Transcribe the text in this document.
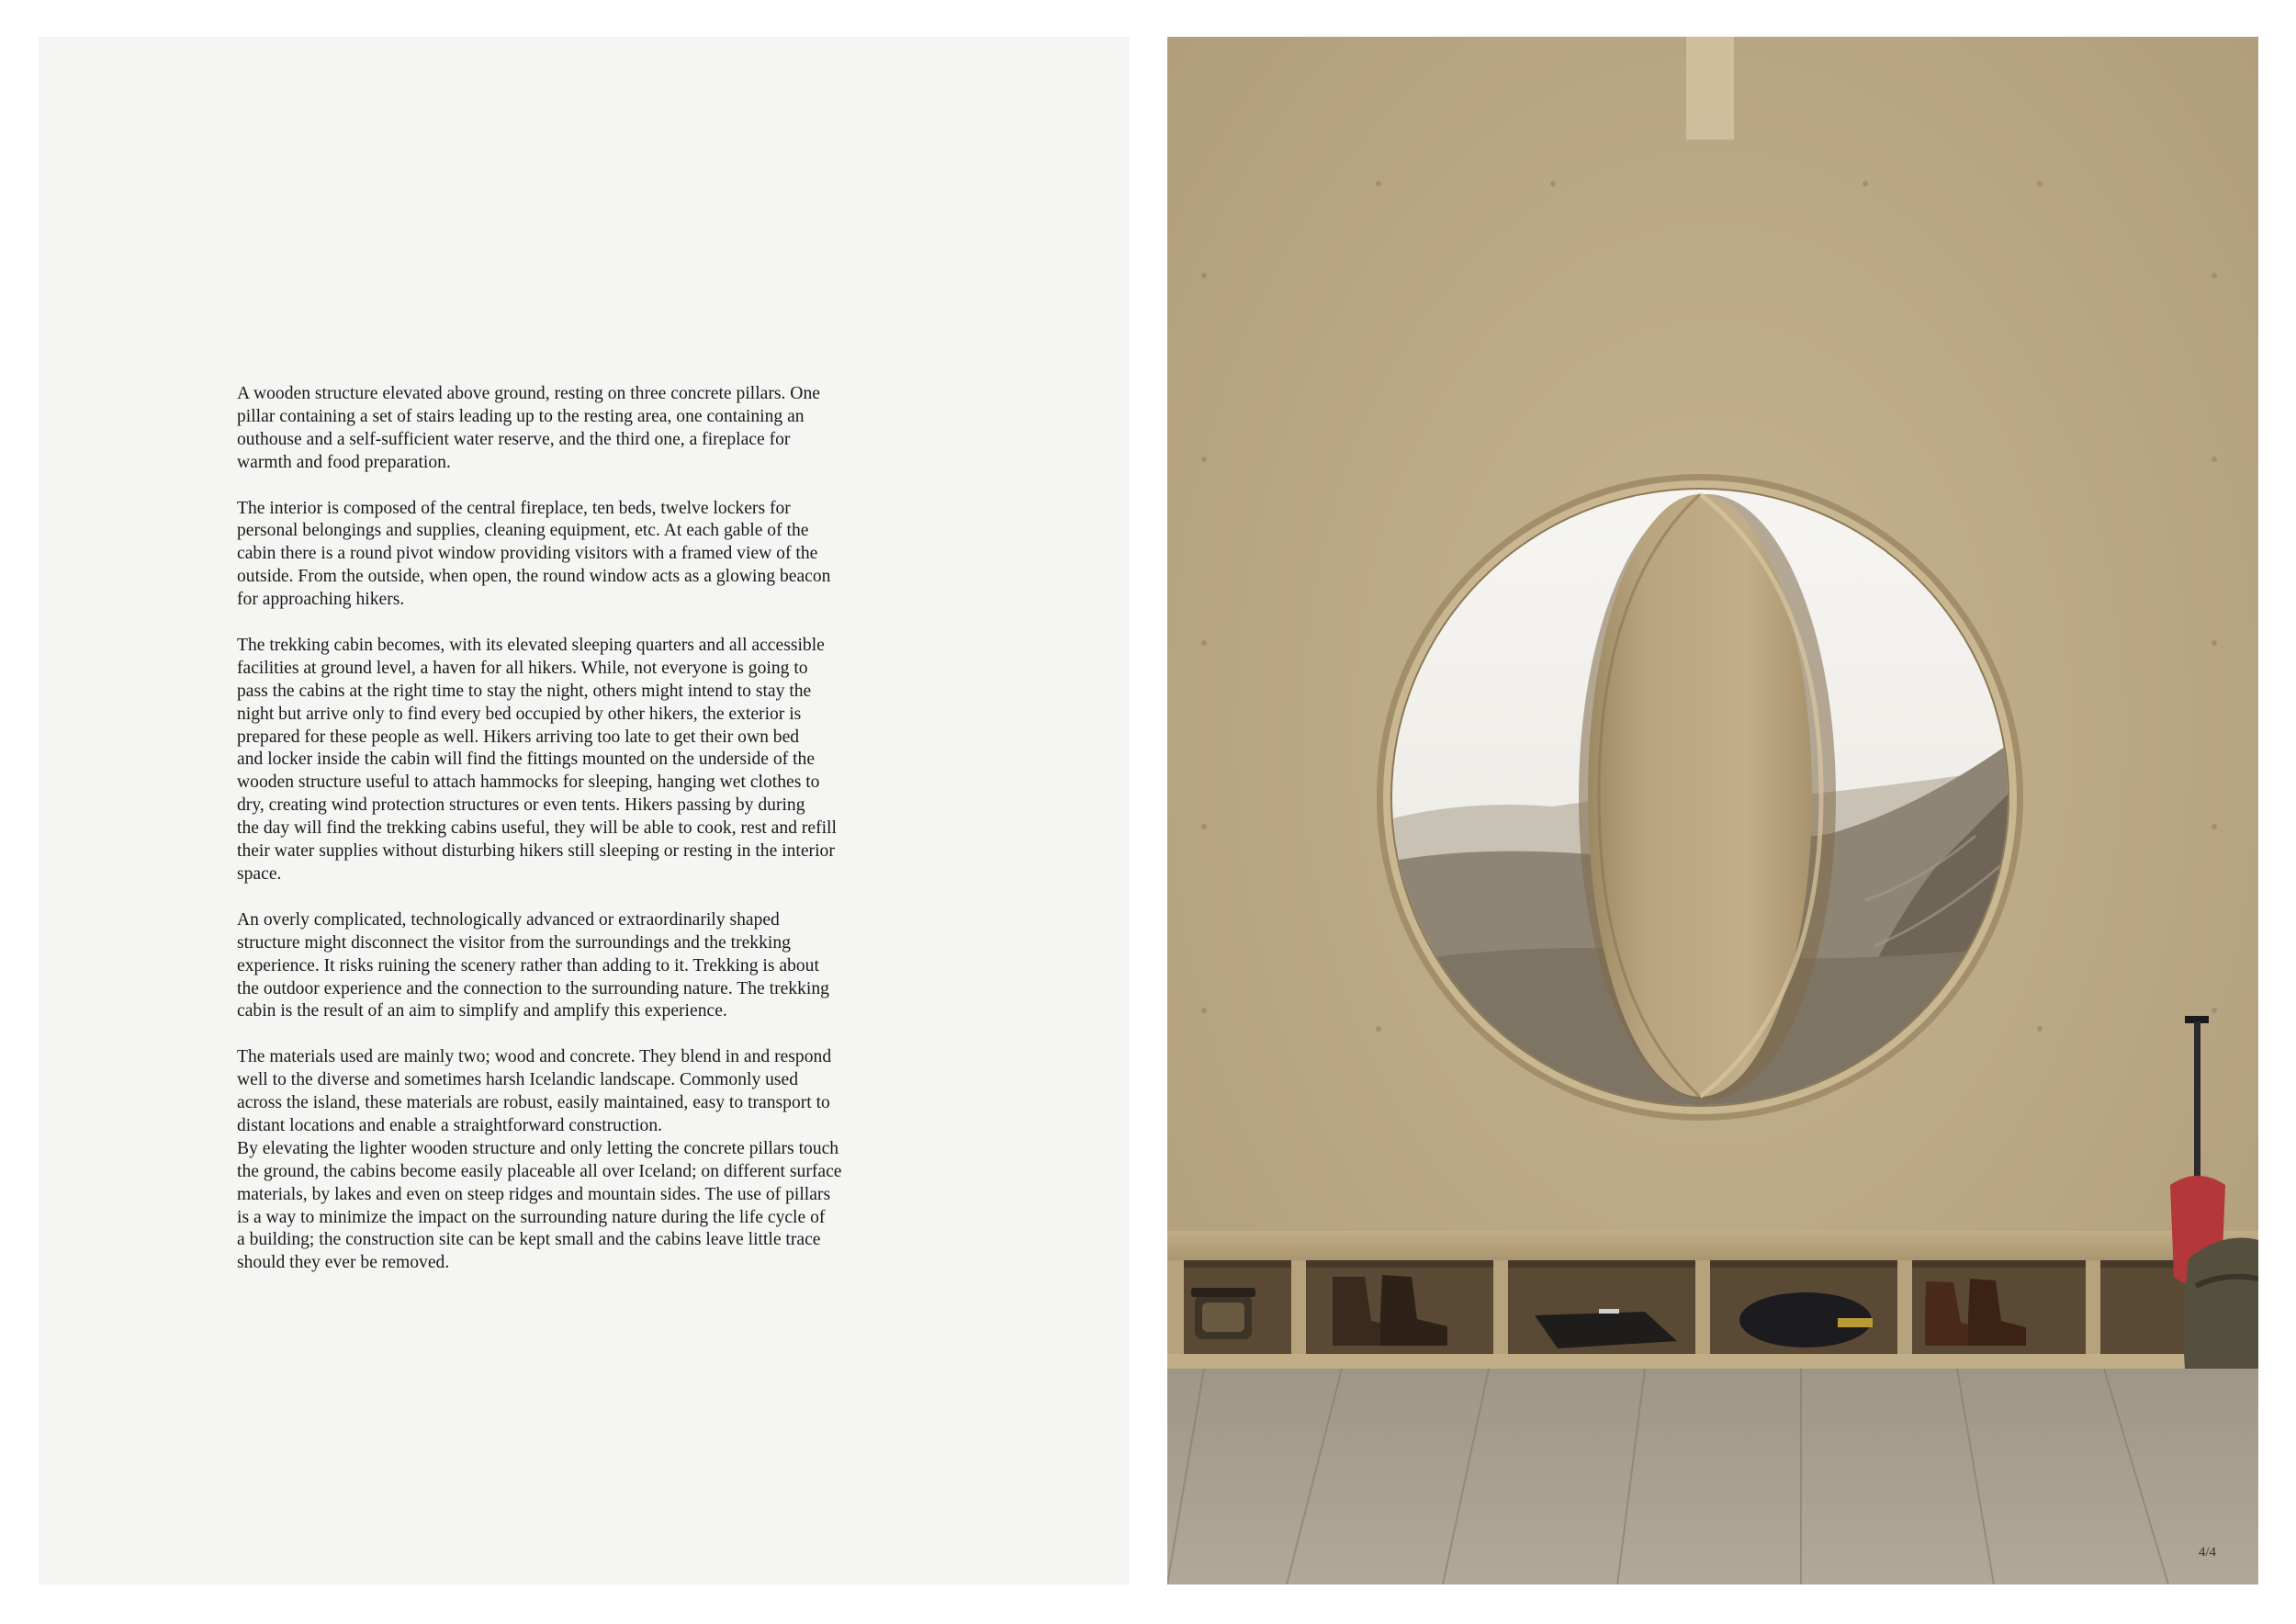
A wooden structure elevated above ground, resting on three concrete pillars. One
pillar containing a set of stairs leading up to the resting area, one containing an
outhouse and a self-sufficient water reserve, and the third one, a fireplace for
warmth and food preparation.

The interior is composed of the central fireplace, ten beds, twelve lockers for
personal belongings and supplies, cleaning equipment, etc. At each gable of the
cabin there is a round pivot window providing visitors with a framed view of the
outside. From the outside, when open, the round window acts as a glowing beacon
for approaching hikers.

The trekking cabin becomes, with its elevated sleeping quarters and all accessible
facilities at ground level, a haven for all hikers. While, not everyone is going to
pass the cabins at the right time to stay the night, others might intend to stay the
night but arrive only to find every bed occupied by other hikers, the exterior is
prepared for these people as well. Hikers arriving too late to get their own bed
and locker inside the cabin will find the fittings mounted on the underside of the
wooden structure useful to attach hammocks for sleeping, hanging wet clothes to
dry, creating wind protection structures or even tents. Hikers passing by during
the day will find the trekking cabins useful, they will be able to cook, rest and refill
their water supplies without disturbing hikers still sleeping or resting in the interior
space.

An overly complicated, technologically advanced or extraordinarily shaped
structure might disconnect the visitor from the surroundings and the trekking
experience. It risks ruining the scenery rather than adding to it. Trekking is about
the outdoor experience and the connection to the surrounding nature. The trekking
cabin is the result of an aim to simplify and amplify this experience.

The materials used are mainly two; wood and concrete. They blend in and respond
well to the diverse and sometimes harsh Icelandic landscape. Commonly used
across the island, these materials are robust, easily maintained, easy to transport to
distant locations and enable a straightforward construction.

By elevating the lighter wooden structure and only letting the concrete pillars touch
the ground, the cabins become easily placeable all over Iceland; on different surface
materials, by lakes and even on steep ridges and mountain sides. The use of pillars
is a way to minimize the impact on the surrounding nature during the life cycle of
a building; the construction site can be kept small and the cabins leave little trace
should they ever be removed.

4/4
